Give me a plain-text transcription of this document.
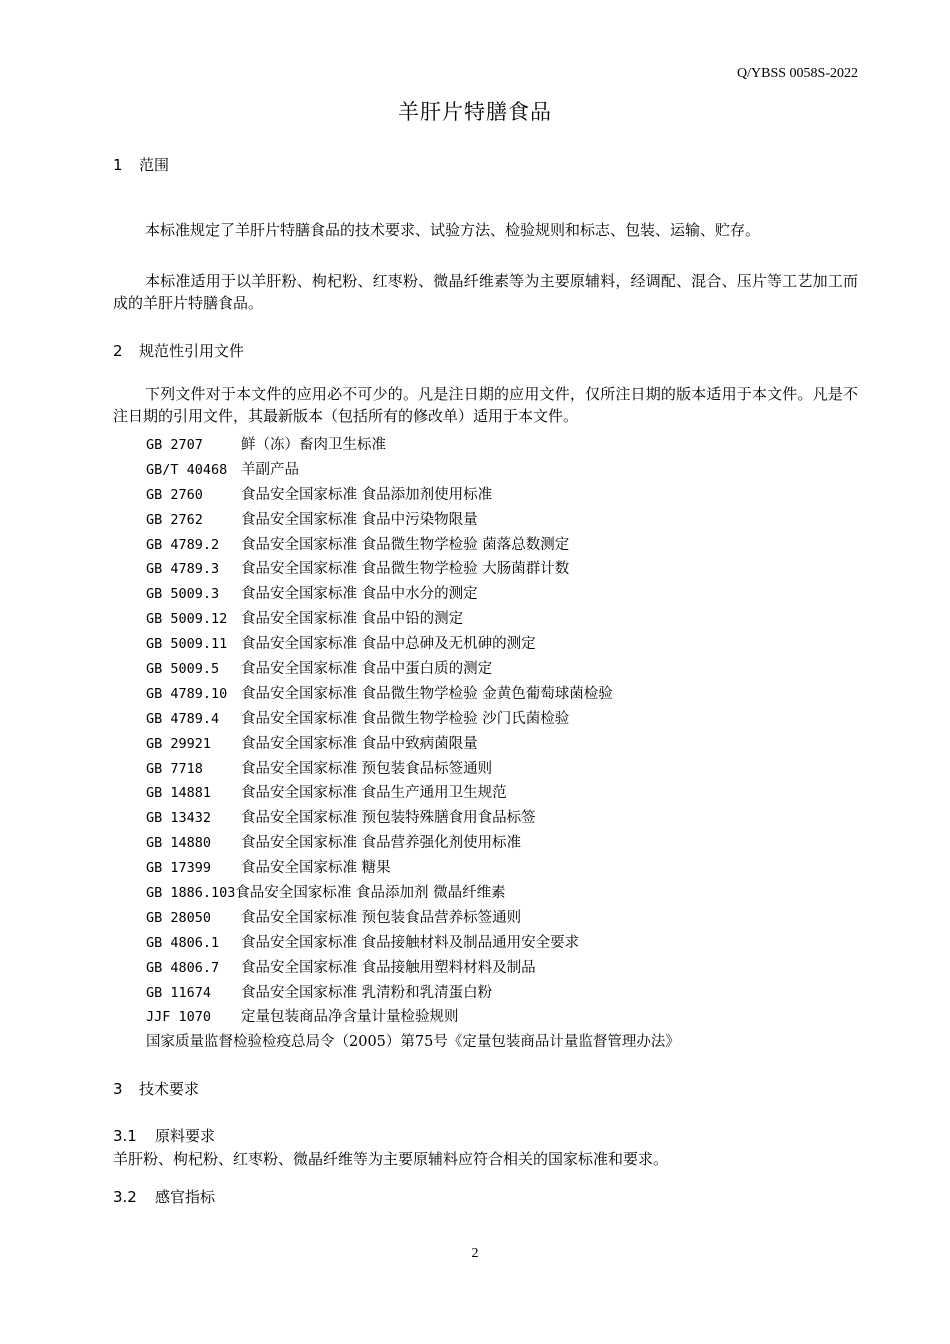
Q/YBSS 0058S-2022
羊肝片特膳食品
1 范围
本标准规定了羊肝片特膳食品的技术要求、试验方法、检验规则和标志、包装、运输、贮存。
本标准适用于以羊肝粉、枸杞粉、红枣粉、微晶纤维素等为主要原辅料，经调配、混合、压片等工艺加工而成的羊肝片特膳食品。
2 规范性引用文件
下列文件对于本文件的应用必不可少的。凡是注日期的应用文件，仅所注日期的版本适用于本文件。凡是不注日期的引用文件，其最新版本（包括所有的修改单）适用于本文件。
GB 2707	鲜（冻）畜肉卫生标准
GB/T 40468 羊副产品
GB 2760	食品安全国家标准 食品添加剂使用标准
GB 2762	食品安全国家标准 食品中污染物限量
GB 4789.2 食品安全国家标准 食品微生物学检验 菌落总数测定
GB 4789.3 食品安全国家标准 食品微生物学检验 大肠菌群计数
GB 5009.3 食品安全国家标准 食品中水分的测定
GB 5009.12 食品安全国家标准 食品中铅的测定
GB 5009.11 食品安全国家标准 食品中总砷及无机砷的测定
GB 5009.5 食品安全国家标准 食品中蛋白质的测定
GB 4789.10 食品安全国家标准 食品微生物学检验 金黄色葡萄球菌检验
GB 4789.4 食品安全国家标准 食品微生物学检验 沙门氏菌检验
GB 29921 食品安全国家标准 食品中致病菌限量
GB 7718	食品安全国家标准 预包装食品标签通则
GB 14881 食品安全国家标准 食品生产通用卫生规范
GB 13432 食品安全国家标准 预包装特殊膳食用食品标签
GB 14880 食品安全国家标准 食品营养强化剂使用标准
GB 17399 食品安全国家标准 糖果
GB 1886.103食品安全国家标准 食品添加剂 微晶纤维素
GB 28050 食品安全国家标准 预包装食品营养标签通则
GB 4806.1 食品安全国家标准 食品接触材料及制品通用安全要求
GB 4806.7 食品安全国家标准 食品接触用塑料材料及制品
GB 11674 食品安全国家标准 乳清粉和乳清蛋白粉
JJF 1070 定量包装商品净含量计量检验规则
国家质量监督检验检疫总局令（2005）第75号《定量包装商品计量监督管理办法》
3 技术要求
3.1 原料要求
羊肝粉、枸杞粉、红枣粉、微晶纤维等为主要原辅料应符合相关的国家标准和要求。
3.2 感官指标
2
